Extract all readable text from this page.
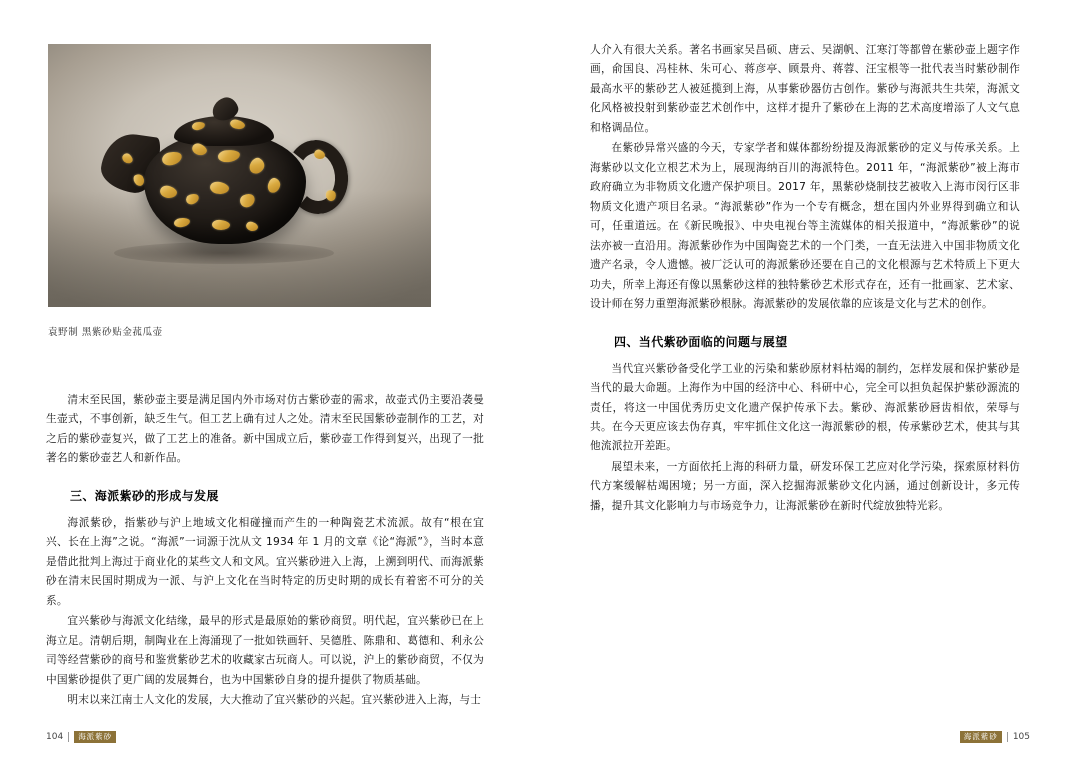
袁野制 黑紫砂贴金菰瓜壶

清末至民国，紫砂壶主要是满足国内外市场对仿古紫砂壶的需求，故壶式仍主要沿袭曼生壶式，不事创新，缺乏生气。但工艺上确有过人之处。清末至民国紫砂壶制作的工艺，对之后的紫砂壶复兴，做了工艺上的准备。新中国成立后，紫砂壶工作得到复兴，出现了一批著名的紫砂壶艺人和新作品。

三、海派紫砂的形成与发展

海派紫砂，指紫砂与沪上地域文化相碰撞而产生的一种陶瓷艺术流派。故有“根在宜兴、长在上海”之说。“海派”一词源于沈从文 1934 年 1 月的文章《论“海派”》，当时本意是借此批判上海过于商业化的某些文人和文风。宜兴紫砂进入上海，上溯到明代、而海派紫砂在清末民国时期成为一派、与沪上文化在当时特定的历史时期的成长有着密不可分的关系。

宜兴紫砂与海派文化结缘，最早的形式是最原始的紫砂商贸。明代起，宜兴紫砂已在上海立足。清朝后期，制陶业在上海涌现了一批如铁画轩、吴德胜、陈鼎和、葛德和、利永公司等经营紫砂的商号和鉴赏紫砂艺术的收藏家古玩商人。可以说，沪上的紫砂商贸，不仅为中国紫砂提供了更广阔的发展舞台，也为中国紫砂自身的提升提供了物质基础。

明末以来江南士人文化的发展，大大推动了宜兴紫砂的兴起。宜兴紫砂进入上海，与士

104	海派紫砂

人介入有很大关系。著名书画家吴昌硕、唐云、吴湖帆、江寒汀等都曾在紫砂壶上题字作画，俞国良、冯桂林、朱可心、蒋彦亭、顾景舟、蒋蓉、汪宝根等一批代表当时紫砂制作最高水平的紫砂艺人被延揽到上海，从事紫砂器仿古创作。紫砂与海派共生共荣，海派文化风格被投射到紫砂壶艺术创作中，这样才提升了紫砂在上海的艺术高度增添了人文气息和格调品位。

在紫砂异常兴盛的今天，专家学者和媒体都纷纷提及海派紫砂的定义与传承关系。上海紫砂以文化立根艺术为上，展现海纳百川的海派特色。2011 年，“海派紫砂”被上海市政府确立为非物质文化遗产保护项目。2017 年，黑紫砂烧制技艺被收入上海市闵行区非物质文化遗产项目名录。“海派紫砂”作为一个专有概念，想在国内外业界得到确立和认可，任重道远。在《新民晚报》、中央电视台等主流媒体的相关报道中，“海派紫砂”的说法亦被一直沿用。海派紫砂作为中国陶瓷艺术的一个门类，一直无法进入中国非物质文化遗产名录，令人遗憾。被厂泛认可的海派紫砂还要在自己的文化根源与艺术特质上下更大功夫，所幸上海还有像以黑紫砂这样的独特紫砂艺术形式存在，还有一批画家、艺术家、设计师在努力重塑海派紫砂根脉。海派紫砂的发展依靠的应该是文化与艺术的创作。

四、当代紫砂面临的问题与展望

当代宜兴紫砂备受化学工业的污染和紫砂原材料枯竭的制约，怎样发展和保护紫砂是当代的最大命题。上海作为中国的经济中心、科研中心，完全可以担负起保护紫砂源流的责任，将这一中国优秀历史文化遗产保护传承下去。紫砂、海派紫砂唇齿相依，荣辱与共。在今天更应该去伪存真，牢牢抓住文化这一海派紫砂的根，传承紫砂艺术，使其与其他流派拉开差距。

展望未来，一方面依托上海的科研力量，研发环保工艺应对化学污染，探索原材料仿代方案缓解枯竭困境；另一方面，深入挖掘海派紫砂文化内涵，通过创新设计，多元传播，提升其文化影响力与市场竞争力，让海派紫砂在新时代绽放独特光彩。

海派紫砂	105
